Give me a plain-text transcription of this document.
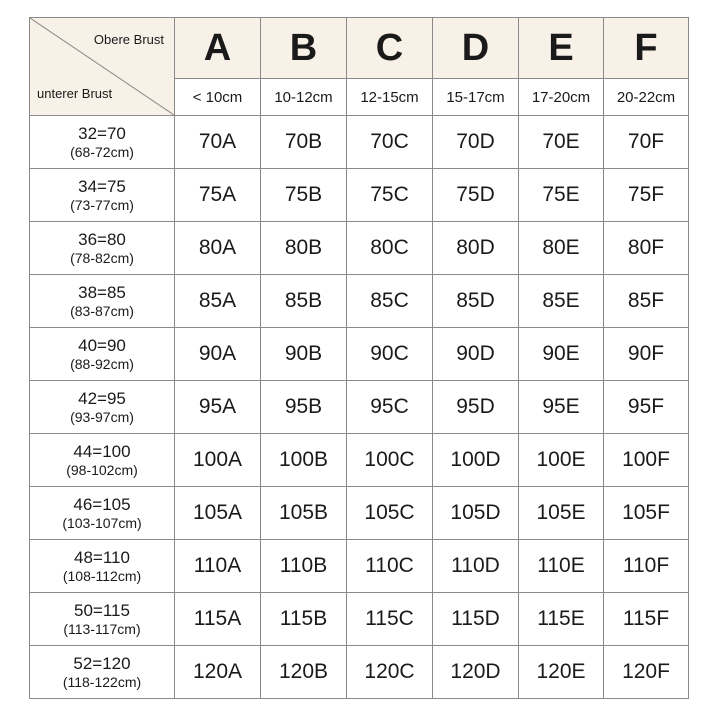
Obere Brust
unterer Brust	A	B	C	D	E	F
	< 10cm	10-12cm	12-15cm	15-17cm	17-20cm	20-22cm

32=70
(68-72cm)	70A	70B	70C	70D	70E	70F

34=75
(73-77cm)	75A	75B	75C	75D	75E	75F

36=80
(78-82cm)	80A	80B	80C	80D	80E	80F

38=85
(83-87cm)	85A	85B	85C	85D	85E	85F

40=90
(88-92cm)	90A	90B	90C	90D	90E	90F

42=95
(93-97cm)	95A	95B	95C	95D	95E	95F

44=100
(98-102cm)	100A	100B	100C	100D	100E	100F

46=105
(103-107cm)	105A	105B	105C	105D	105E	105F

48=110
(108-112cm)	110A	110B	110C	110D	110E	110F

50=115
(113-117cm)	115A	115B	115C	115D	115E	115F

52=120
(118-122cm)	120A	120B	120C	120D	120E	120F
